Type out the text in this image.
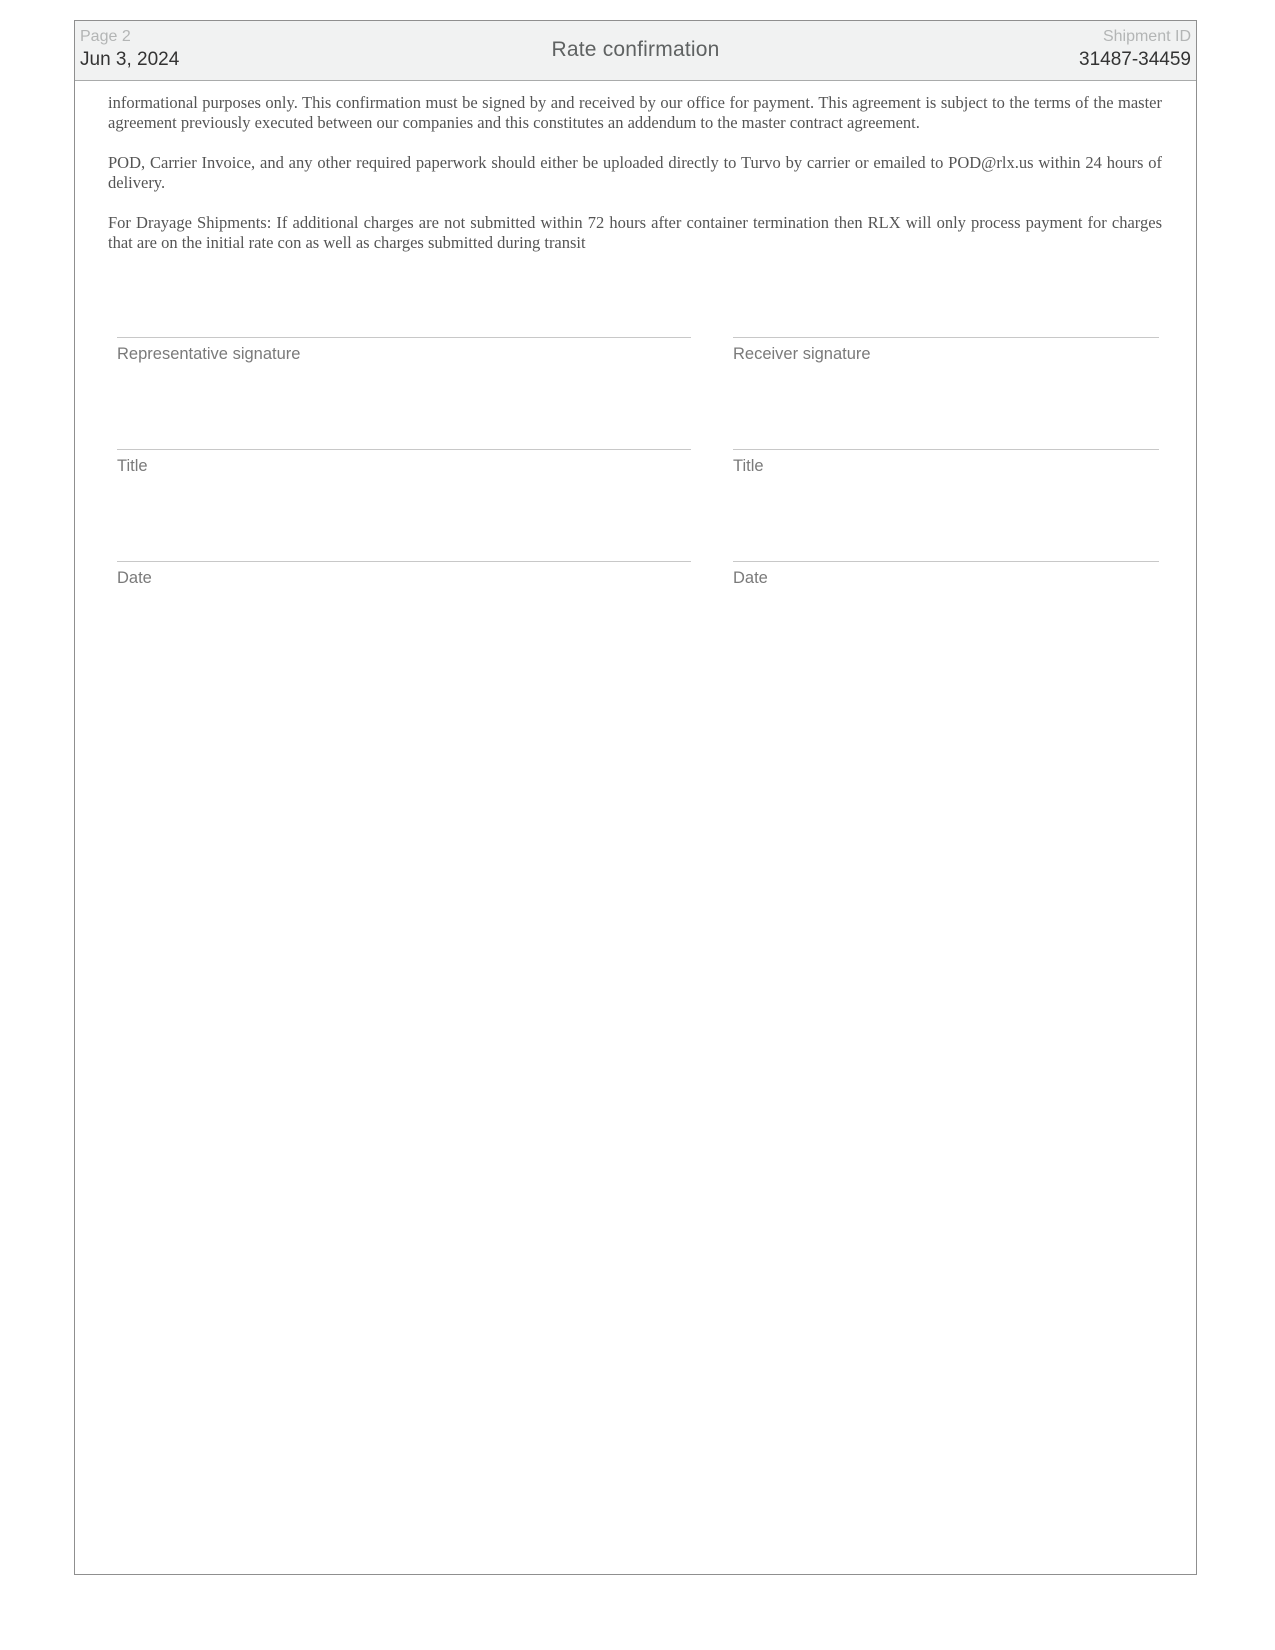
Page 2
Jun 3, 2024	Rate confirmation
Shipment ID
31487-34459

informational purposes only. This confirmation must be signed by and received by our office for payment. This agreement is subject to the terms of the master agreement previously executed between our companies and this constitutes an addendum to the master contract agreement.

POD, Carrier Invoice, and any other required paperwork should either be uploaded directly to Turvo by carrier or emailed to POD@rlx.us within 24 hours of delivery.

For Drayage Shipments: If additional charges are not submitted within 72 hours after container termination then RLX will only process payment for charges that are on the initial rate con as well as charges submitted during transit

Representative signature
Title
Date
Receiver signature
Title
Date
